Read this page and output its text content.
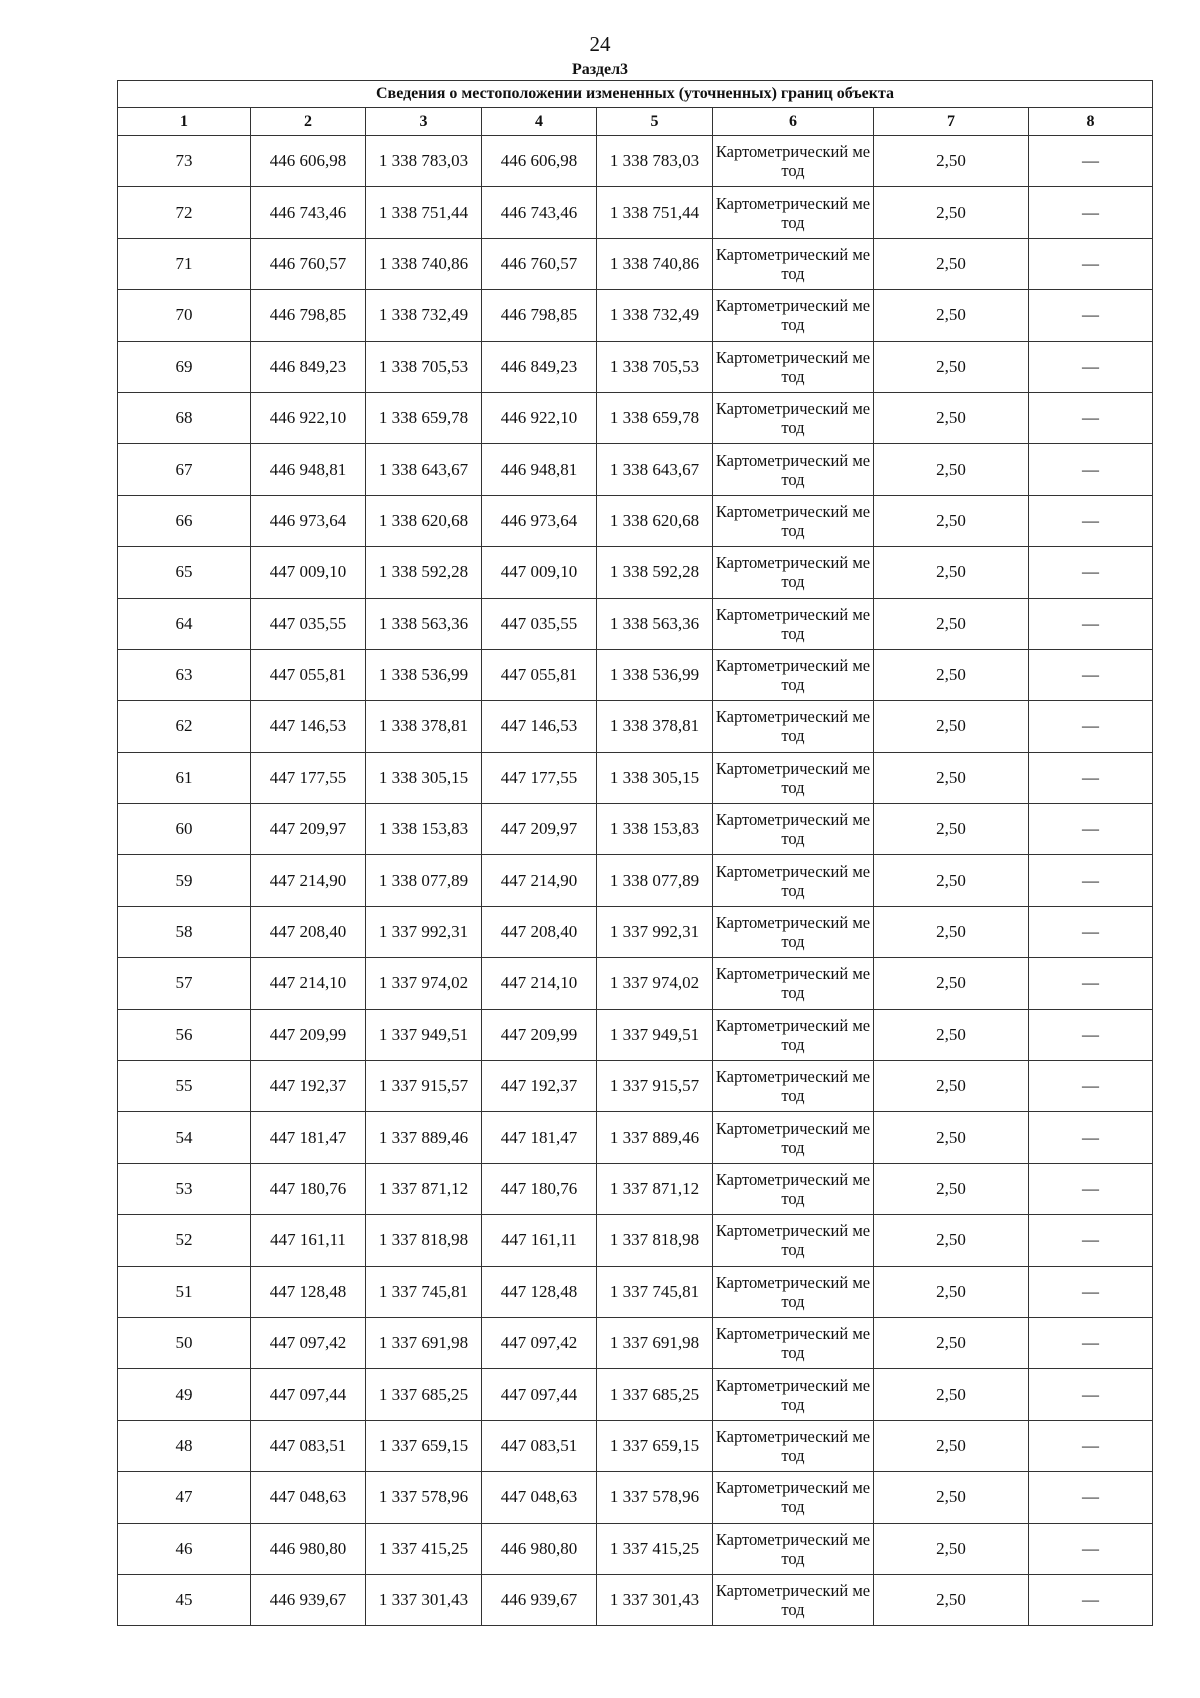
24
Раздел3
Сведения о местоположении измененных (уточненных) границ объекта							
1	2	3	4	5	6	7	8
73	446 606,98	1 338 783,03	446 606,98	1 338 783,03	Картометрический метод	2,50	—
72	446 743,46	1 338 751,44	446 743,46	1 338 751,44	Картометрический метод	2,50	—
71	446 760,57	1 338 740,86	446 760,57	1 338 740,86	Картометрический метод	2,50	—
70	446 798,85	1 338 732,49	446 798,85	1 338 732,49	Картометрический метод	2,50	—
69	446 849,23	1 338 705,53	446 849,23	1 338 705,53	Картометрический метод	2,50	—
68	446 922,10	1 338 659,78	446 922,10	1 338 659,78	Картометрический метод	2,50	—
67	446 948,81	1 338 643,67	446 948,81	1 338 643,67	Картометрический метод	2,50	—
66	446 973,64	1 338 620,68	446 973,64	1 338 620,68	Картометрический метод	2,50	—
65	447 009,10	1 338 592,28	447 009,10	1 338 592,28	Картометрический метод	2,50	—
64	447 035,55	1 338 563,36	447 035,55	1 338 563,36	Картометрический метод	2,50	—
63	447 055,81	1 338 536,99	447 055,81	1 338 536,99	Картометрический метод	2,50	—
62	447 146,53	1 338 378,81	447 146,53	1 338 378,81	Картометрический метод	2,50	—
61	447 177,55	1 338 305,15	447 177,55	1 338 305,15	Картометрический метод	2,50	—
60	447 209,97	1 338 153,83	447 209,97	1 338 153,83	Картометрический метод	2,50	—
59	447 214,90	1 338 077,89	447 214,90	1 338 077,89	Картометрический метод	2,50	—
58	447 208,40	1 337 992,31	447 208,40	1 337 992,31	Картометрический метод	2,50	—
57	447 214,10	1 337 974,02	447 214,10	1 337 974,02	Картометрический метод	2,50	—
56	447 209,99	1 337 949,51	447 209,99	1 337 949,51	Картометрический метод	2,50	—
55	447 192,37	1 337 915,57	447 192,37	1 337 915,57	Картометрический метод	2,50	—
54	447 181,47	1 337 889,46	447 181,47	1 337 889,46	Картометрический метод	2,50	—
53	447 180,76	1 337 871,12	447 180,76	1 337 871,12	Картометрический метод	2,50	—
52	447 161,11	1 337 818,98	447 161,11	1 337 818,98	Картометрический метод	2,50	—
51	447 128,48	1 337 745,81	447 128,48	1 337 745,81	Картометрический метод	2,50	—
50	447 097,42	1 337 691,98	447 097,42	1 337 691,98	Картометрический метод	2,50	—
49	447 097,44	1 337 685,25	447 097,44	1 337 685,25	Картометрический метод	2,50	—
48	447 083,51	1 337 659,15	447 083,51	1 337 659,15	Картометрический метод	2,50	—
47	447 048,63	1 337 578,96	447 048,63	1 337 578,96	Картометрический метод	2,50	—
46	446 980,80	1 337 415,25	446 980,80	1 337 415,25	Картометрический метод	2,50	—
45	446 939,67	1 337 301,43	446 939,67	1 337 301,43	Картометрический метод	2,50	—
